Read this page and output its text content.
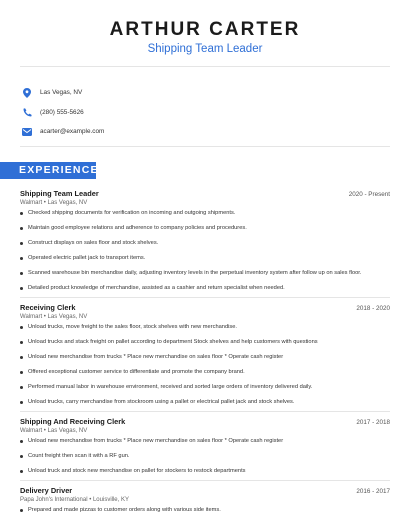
ARTHUR CARTER
Shipping Team Leader
Las Vegas, NV
(280) 555-5626
acarter@example.com
EXPERIENCE
Shipping Team Leader	2020 - Present
Walmart • Las Vegas, NV
Checked shipping documents for verification on incoming and outgoing shipments.
Maintain good employee relations and adherence to company policies and procedures.
Construct displays on sales floor and stock shelves.
Operated electric pallet jack to transport items.
Scanned warehouse bin merchandise daily, adjusting inventory levels in the perpetual inventory system after follow up on sales floor.
Detailed product knowledge of merchandise, assisted as a cashier and return specialist when needed.
Receiving Clerk	2018 - 2020
Walmart • Las Vegas, NV
Unload trucks, move freight to the sales floor, stock shelves with new merchandise.
Unload trucks and stack freight on pallet according to department Stock shelves and help customers with questions
Unload new merchandise from trucks * Place new merchandise on sales floor * Operate cash register
Offered exceptional customer service to differentiate and promote the company brand.
Performed manual labor in warehouse environment, received and sorted large orders of inventory delivered daily.
Unload trucks, carry merchandise from stockroom using a pallet or electrical pallet jack and stock shelves.
Shipping And Receiving Clerk	2017 - 2018
Walmart • Las Vegas, NV
Unload new merchandise from trucks * Place new merchandise on sales floor * Operate cash register
Count freight then scan it with a RF gun.
Unload truck and stock new merchandise on pallet for stockers to restock departments
Delivery Driver	2016 - 2017
Papa John's International • Louisville, KY
Prepared and made pizzas to customer orders along with various side items.
